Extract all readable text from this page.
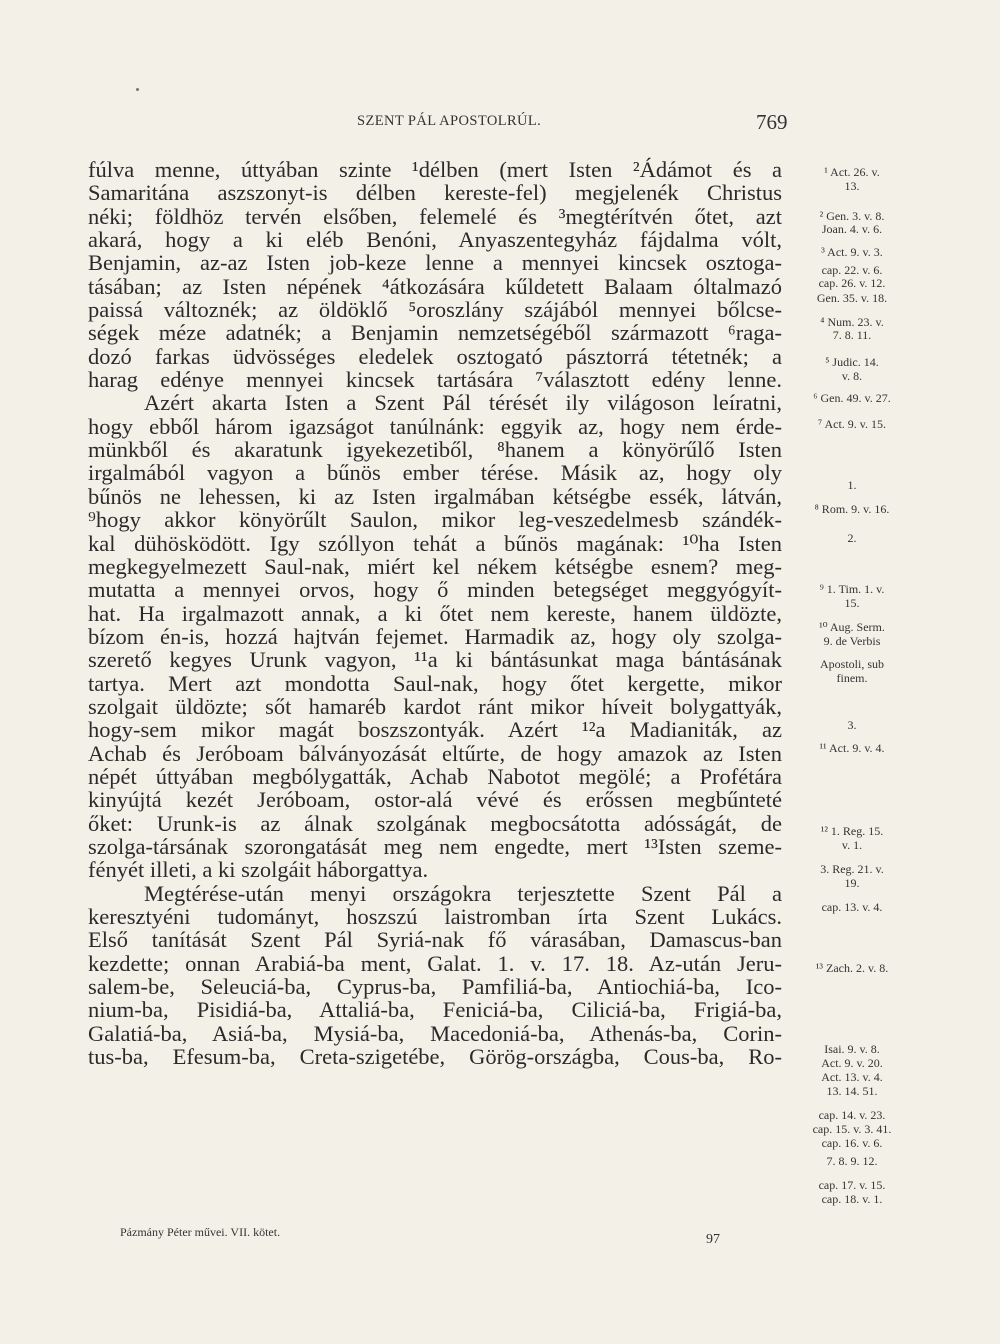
SZENT PÁL APOSTOLRÚL.	769
fúlva menne, úttyában szinte ¹délben (mert Isten ²Ádámot és a
Samaritána aszszonyt-is délben kereste-fel) megjelenék Christus
néki; földhöz tervén elsőben, felemelé és ³megtérítvén őtet, azt
akará, hogy a ki eléb Benóni, Anyaszentegyház fájdalma vólt,
Benjamin, az-az Isten job-keze lenne a mennyei kincsek osztoga-
tásában; az Isten népének ⁴átkozására kűldetett Balaam óltalmazó
paissá változnék; az öldöklő ⁵oroszlány szájából mennyei bőlcse-
ségek méze adatnék; a Benjamin nemzetségéből származott ⁶raga-
dozó farkas üdvösséges eledelek osztogató pásztorrá tétetnék; a
harag edénye mennyei kincsek tartására ⁷választott edény lenne.
Azért akarta Isten a Szent Pál térését ily világoson leíratni,
hogy ebből három igazságot tanúlnánk: eggyik az, hogy nem érde-
münkből és akaratunk igyekezetiből, ⁸hanem a könyörűlő Isten
irgalmából vagyon a bűnös ember térése. Másik az, hogy oly
bűnös ne lehessen, ki az Isten irgalmában kétségbe essék, látván,
⁹hogy akkor könyörűlt Saulon, mikor leg-veszedelmesb szándék-
kal dühösködött. Igy szóllyon tehát a bűnös magának: ¹⁰ha Isten
megkegyelmezett Saul-nak, miért kel nékem kétségbe esnem? meg-
mutatta a mennyei orvos, hogy ő minden betegséget meggyógyít-
hat. Ha irgalmazott annak, a ki őtet nem kereste, hanem üldözte,
bízom én-is, hozzá hajtván fejemet. Harmadik az, hogy oly szolga-
szerető kegyes Urunk vagyon, ¹¹a ki bántásunkat maga bántásának
tartya. Mert azt mondotta Saul-nak, hogy őtet kergette, mikor
szolgait üldözte; sőt hamaréb kardot ránt mikor híveit bolygattyák,
hogy-sem mikor magát boszszontyák. Azért ¹²a Madianiták, az
Achab és Jeróboam bálványozását eltűrte, de hogy amazok az Isten
népét úttyában megbólygatták, Achab Nabotot megölé; a Profétára
kinyújtá kezét Jeróboam, ostor-alá vévé és erőssen megbűnteté
őket: Urunk-is az álnak szolgának megbocsátotta adósságát, de
szolga-társának szorongatását meg nem engedte, mert ¹³Isten szeme-
fényét illeti, a ki szolgáit háborgattya.
Megtérése-után menyi országokra terjesztette Szent Pál a
keresztyéni tudományt, hoszszú laistromban írta Szent Lukács.
Első tanítását Szent Pál Syriá-nak fő várasában, Damascus-ban
kezdette; onnan Arabiá-ba ment, Galat. 1. v. 17. 18. Az-után Jeru-
salem-be, Seleuciá-ba, Cyprus-ba, Pamfiliá-ba, Antiochiá-ba, Ico-
nium-ba, Pisidiá-ba, Attaliá-ba, Feniciá-ba, Ciliciá-ba, Frigiá-ba,
Galatiá-ba, Asiá-ba, Mysiá-ba, Macedoniá-ba, Athenás-ba, Corin-
tus-ba, Efesum-ba, Creta-szigetébe, Görög-országba, Cous-ba, Ro-
¹ Act. 26. v.
13.
² Gen. 3. v. 8.
Joan. 4. v. 6.
³ Act. 9. v. 3.
cap. 22. v. 6.
cap. 26. v. 12.
Gen. 35. v. 18.
⁴ Num. 23. v.
7. 8. 11.
⁵ Judic. 14.
v. 8.
⁶ Gen. 49. v. 27.
⁷ Act. 9. v. 15.
1.
⁸ Rom. 9. v. 16.
2.
⁹ 1. Tim. 1. v.
15.
¹⁰ Aug. Serm.
9. de Verbis
Apostoli, sub
finem.
3.
¹¹ Act. 9. v. 4.
¹² 1. Reg. 15.
v. 1.
3. Reg. 21. v.
19.
cap. 13. v. 4.
¹³ Zach. 2. v. 8.
Isai. 9. v. 8.
Act. 9. v. 20.
Act. 13. v. 4.
13. 14. 51.
cap. 14. v. 23.
cap. 15. v. 3. 41.
cap. 16. v. 6.
7. 8. 9. 12.
cap. 17. v. 15.
cap. 18. v. 1.
Pázmány Péter művei. VII. kötet.	97
